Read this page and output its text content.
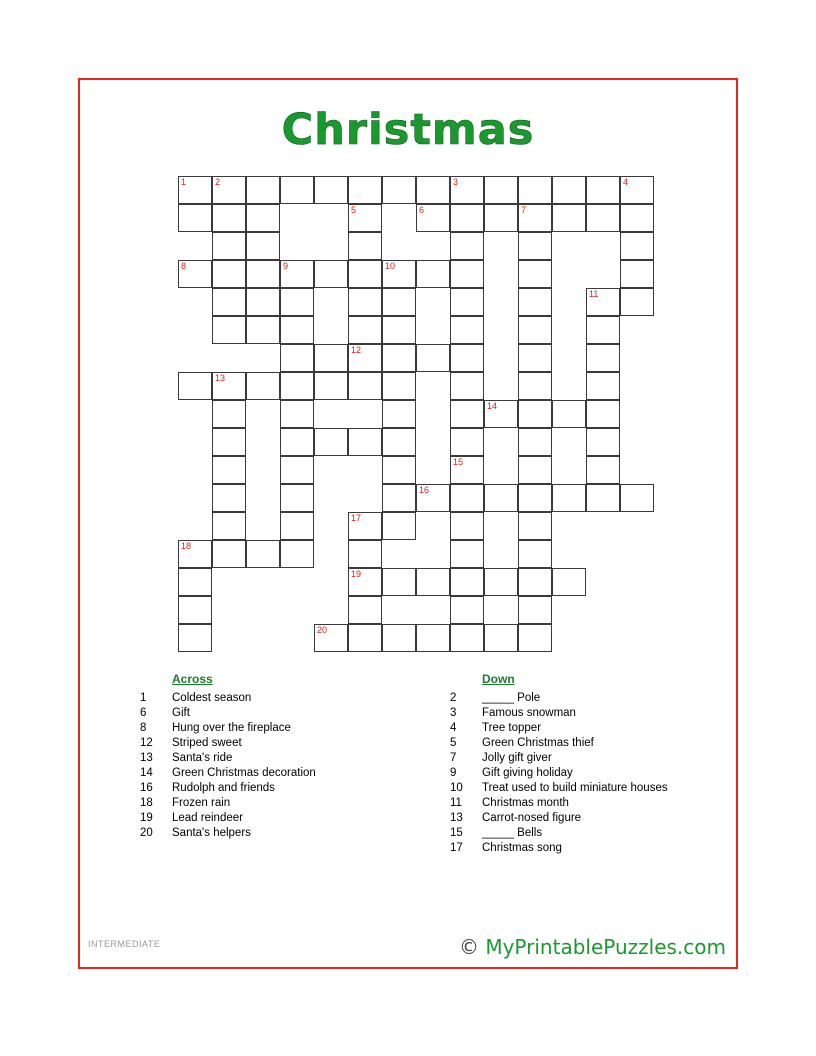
Christmas
1	2	3	4
5	6	7
8	9	10
11
12
13
14
15
16
17
18
19
20
Across
1	Coldest season
6	Gift
8	Hung over the fireplace
12	Striped sweet
13	Santa's ride
14	Green Christmas decoration
16	Rudolph and friends
18	Frozen rain
19	Lead reindeer
20	Santa's helpers
Down
2	_____ Pole
3	Famous snowman
4	Tree topper
5	Green Christmas thief
7	Jolly gift giver
9	Gift giving holiday
10	Treat used to build miniature houses
11	Christmas month
13	Carrot-nosed figure
15	_____ Bells
17	Christmas song
INTERMEDIATE	© MyPrintablePuzzles.com
